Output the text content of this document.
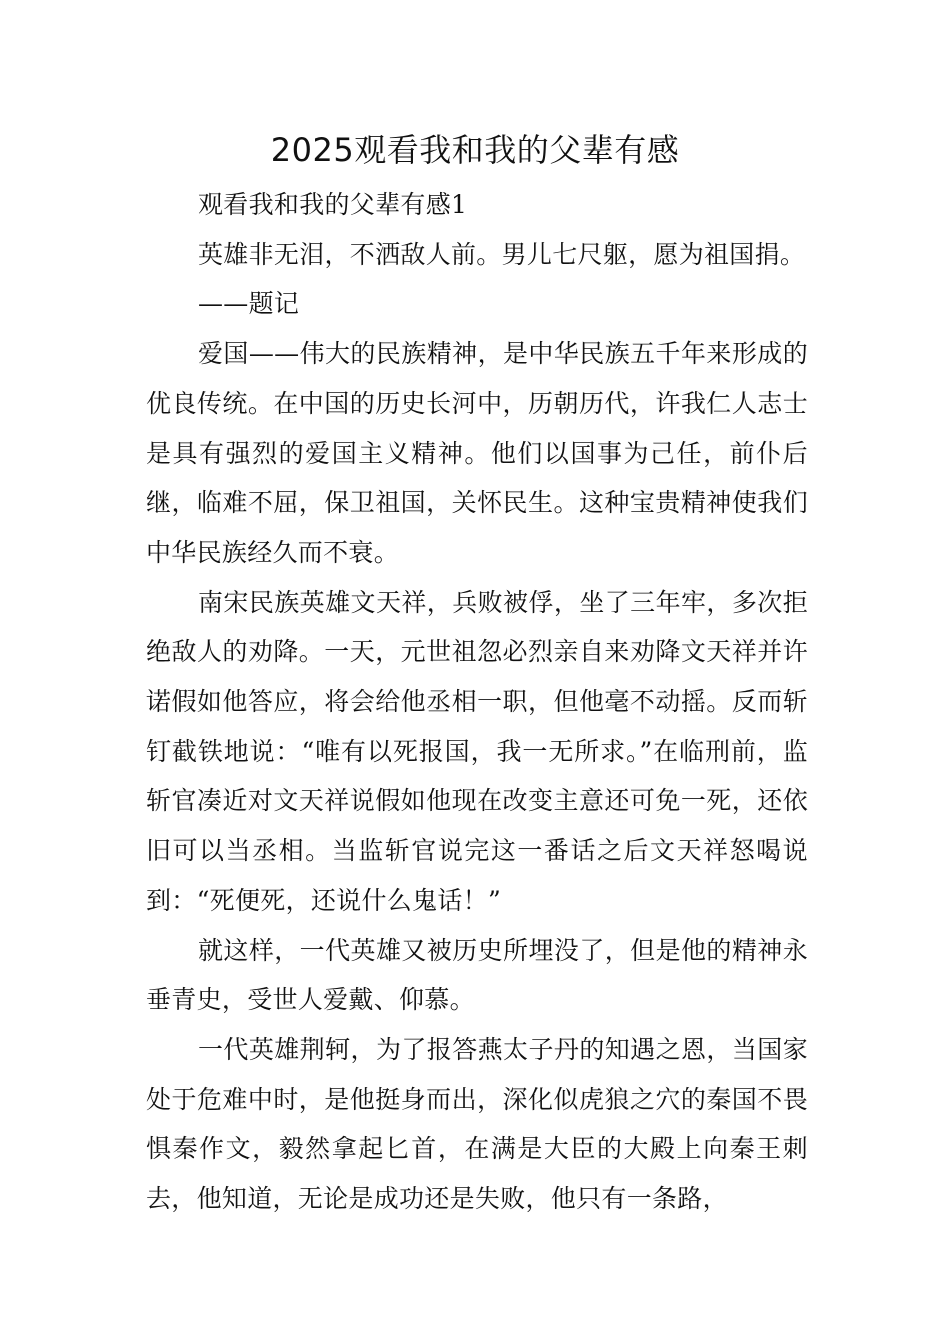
2025观看我和我的父辈有感

观看我和我的父辈有感1

英雄非无泪，不洒敌人前。男儿七尺躯，愿为祖国捐。

——题记

爱国——伟大的民族精神，是中华民族五千年来形成的优良传统。在中国的历史长河中，历朝历代，许我仁人志士是具有强烈的爱国主义精神。他们以国事为己任，前仆后继，临难不屈，保卫祖国，关怀民生。这种宝贵精神使我们中华民族经久而不衰。

南宋民族英雄文天祥，兵败被俘，坐了三年牢，多次拒绝敌人的劝降。一天，元世祖忽必烈亲自来劝降文天祥并许诺假如他答应，将会给他丞相一职，但他毫不动摇。反而斩钉截铁地说：“唯有以死报国，我一无所求。”在临刑前，监斩官凑近对文天祥说假如他现在改变主意还可免一死，还依旧可以当丞相。当监斩官说完这一番话之后文天祥怒喝说到：“死便死，还说什么鬼话！”

就这样，一代英雄又被历史所埋没了，但是他的精神永垂青史，受世人爱戴、仰慕。

一代英雄荆轲，为了报答燕太子丹的知遇之恩，当国家处于危难中时，是他挺身而出，深化似虎狼之穴的秦国不畏惧秦作文，毅然拿起匕首，在满是大臣的大殿上向秦王刺去，他知道，无论是成功还是失败，他只有一条路，
